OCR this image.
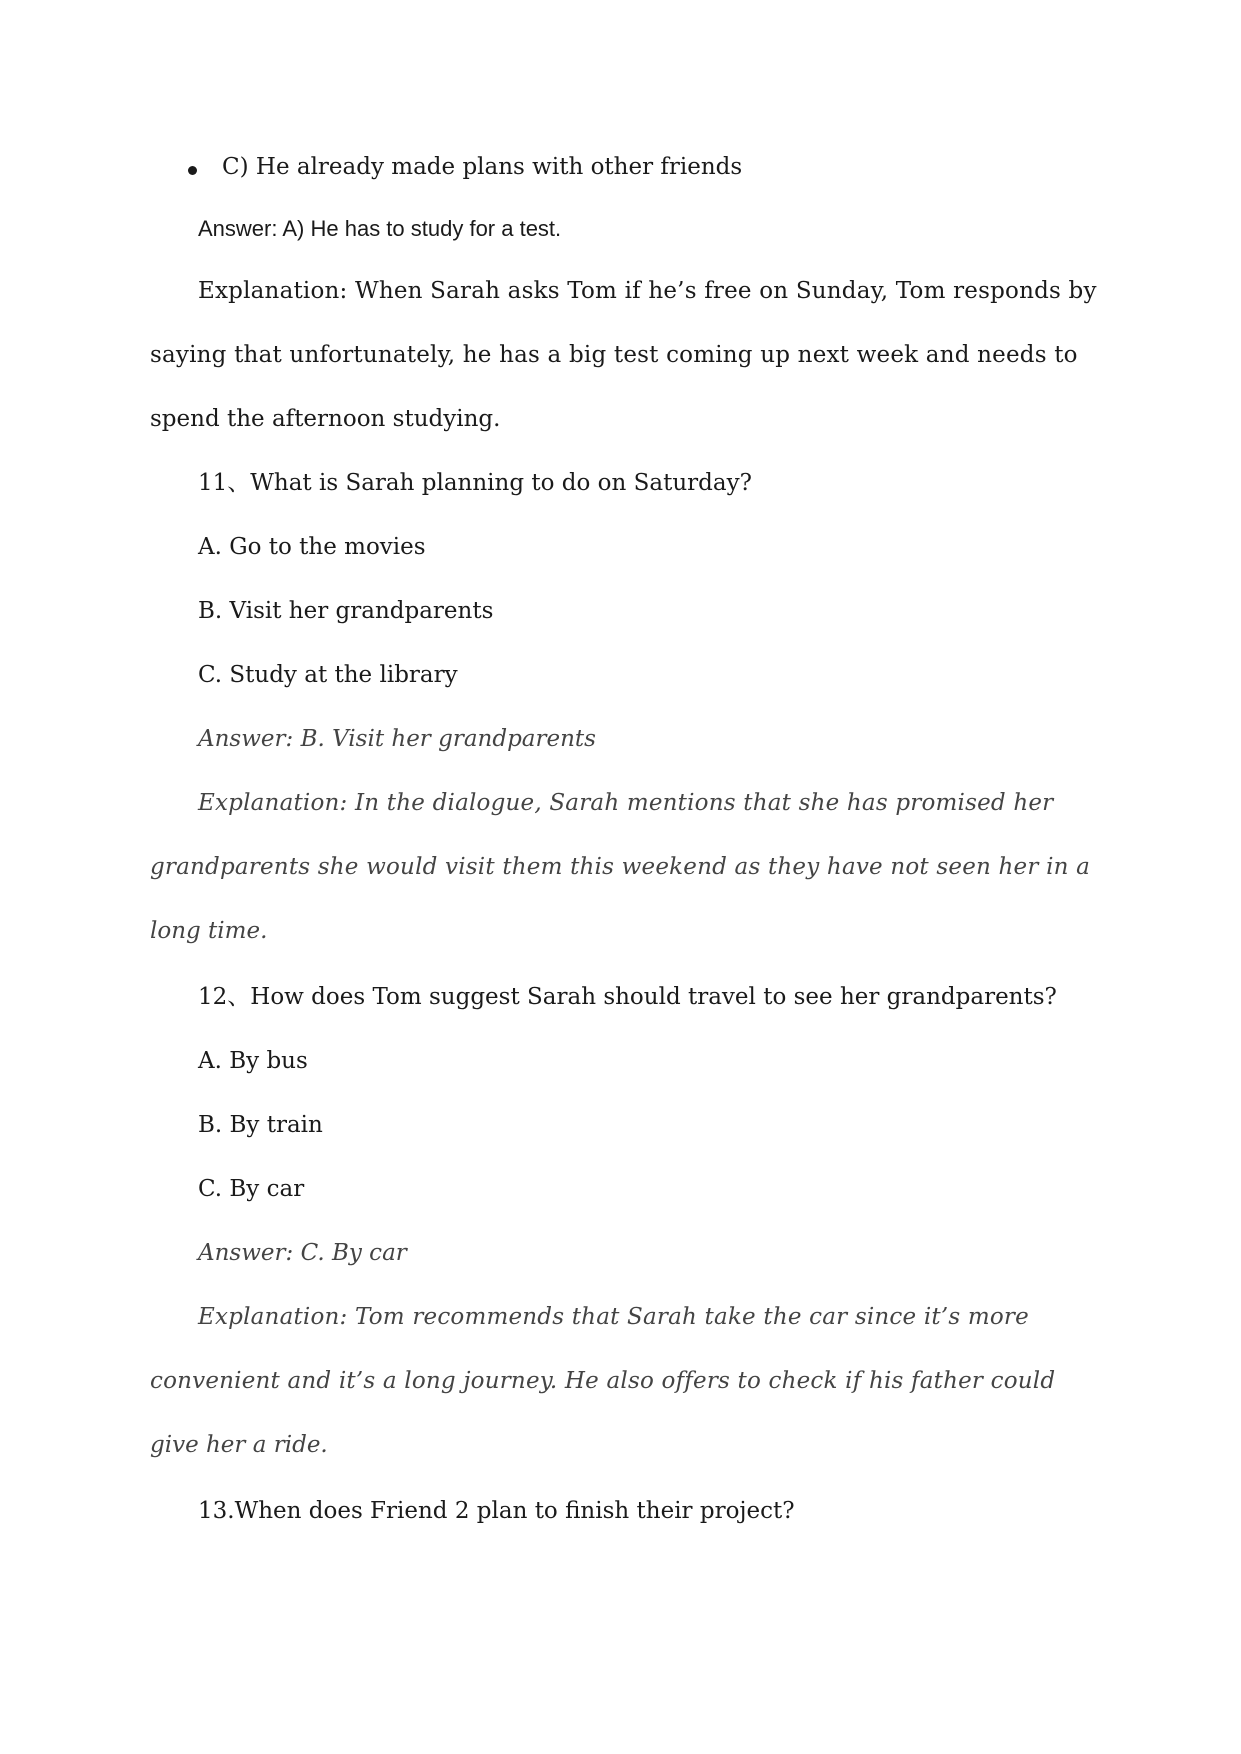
C) He already made plans with other friends
Answer: A) He has to study for a test.
Explanation: When Sarah asks Tom if he’s free on Sunday, Tom responds by
saying that unfortunately, he has a big test coming up next week and needs to
spend the afternoon studying.
11、What is Sarah planning to do on Saturday?
A. Go to the movies
B. Visit her grandparents
C. Study at the library
Answer: B. Visit her grandparents
Explanation: In the dialogue, Sarah mentions that she has promised her
grandparents she would visit them this weekend as they have not seen her in a
long time.
12、How does Tom suggest Sarah should travel to see her grandparents?
A. By bus
B. By train
C. By car
Answer: C. By car
Explanation: Tom recommends that Sarah take the car since it’s more
convenient and it’s a long journey. He also offers to check if his father could
give her a ride.
13.When does Friend 2 plan to finish their project?
